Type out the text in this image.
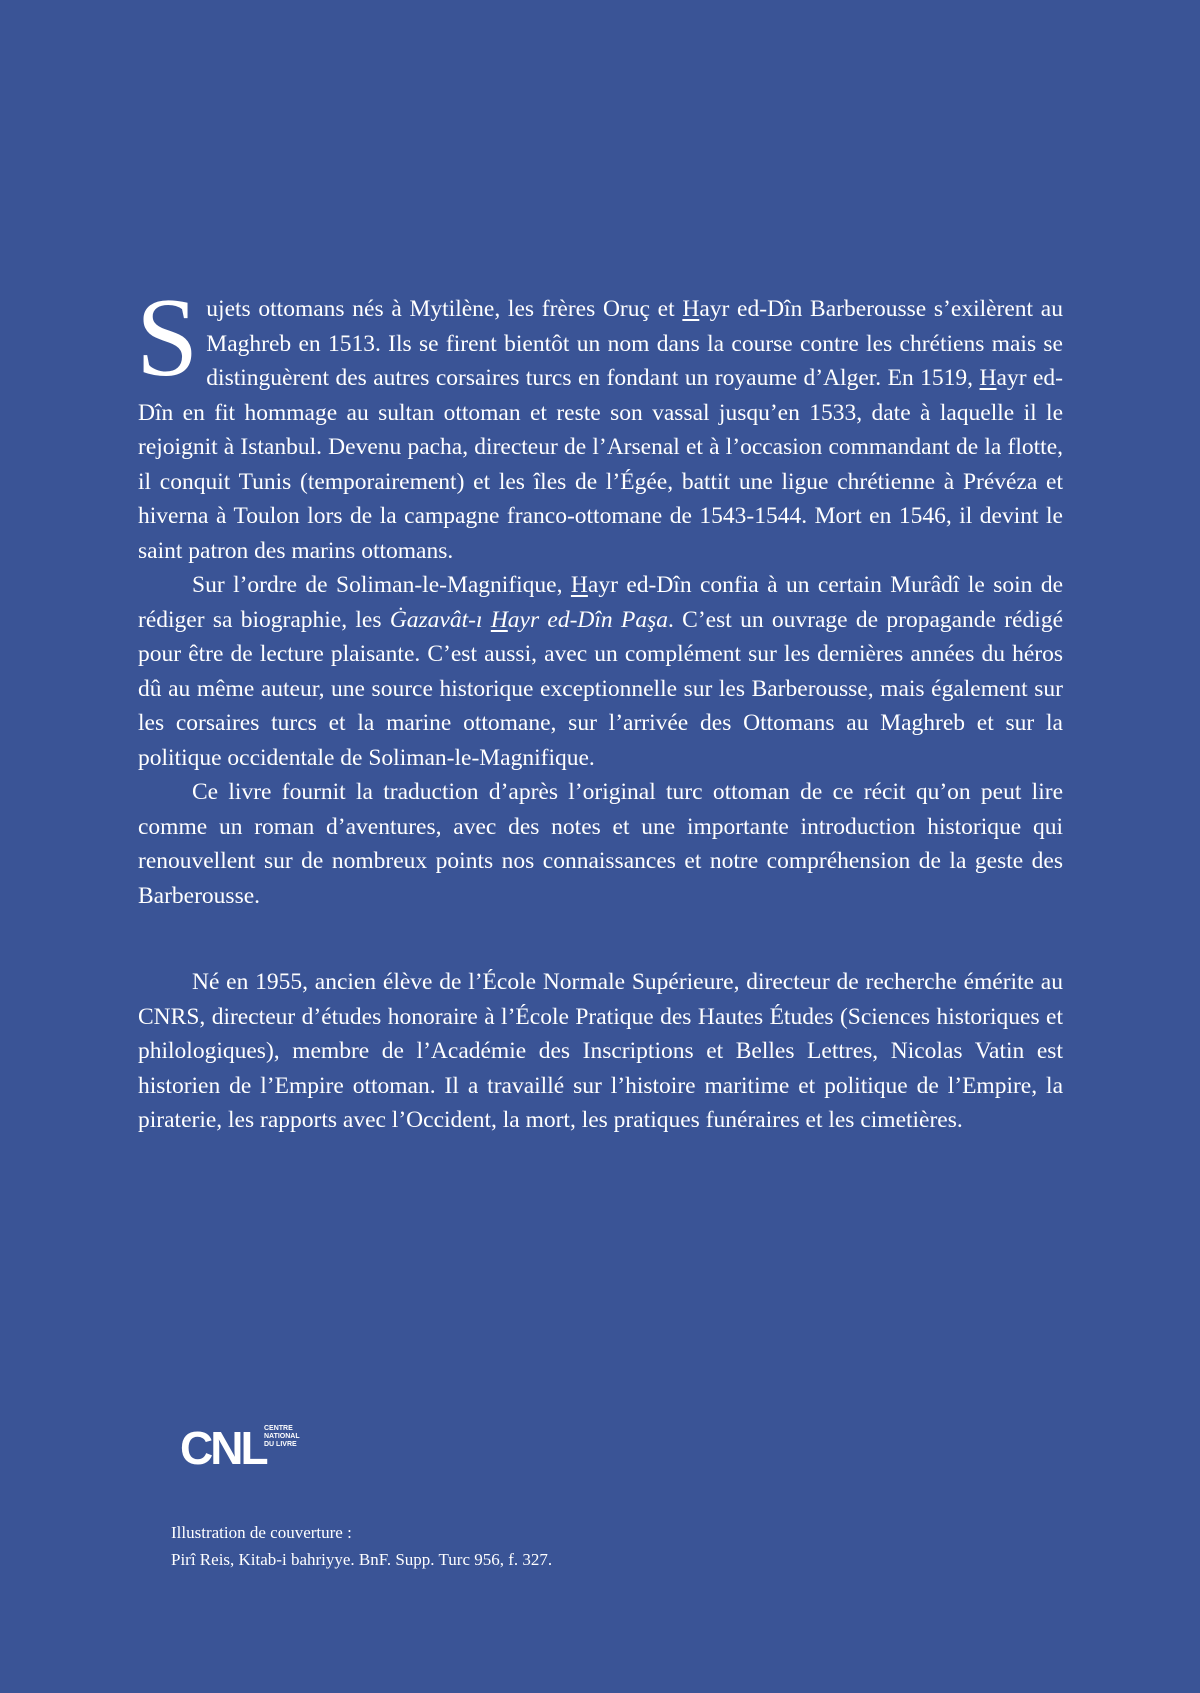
Sujets ottomans nés à Mytilène, les frères Oruç et Hayr ed-Dîn Barberousse s’exilèrent au Maghreb en 1513. Ils se firent bientôt un nom dans la course contre les chrétiens mais se distinguèrent des autres corsaires turcs en fondant un royaume d’Alger. En 1519, Hayr ed-Dîn en fit hommage au sultan ottoman et reste son vassal jusqu’en 1533, date à laquelle il le rejoignit à Istanbul. Devenu pacha, directeur de l’Arsenal et à l’occasion commandant de la flotte, il conquit Tunis (temporairement) et les îles de l’Égée, battit une ligue chrétienne à Prévéza et hiverna à Toulon lors de la campagne franco-ottomane de 1543-1544. Mort en 1546, il devint le saint patron des marins ottomans.

Sur l’ordre de Soliman-le-Magnifique, Hayr ed-Dîn confia à un certain Murâdî le soin de rédiger sa biographie, les Ġazavât-ı Hayr ed-Dîn Paşa. C’est un ouvrage de propagande rédigé pour être de lecture plaisante. C’est aussi, avec un complément sur les dernières années du héros dû au même auteur, une source historique exceptionnelle sur les Barberousse, mais également sur les corsaires turcs et la marine ottomane, sur l’arrivée des Ottomans au Maghreb et sur la politique occidentale de Soliman-le-Magnifique.

Ce livre fournit la traduction d’après l’original turc ottoman de ce récit qu’on peut lire comme un roman d’aventures, avec des notes et une importante introduction historique qui renouvellent sur de nombreux points nos connaissances et notre compréhension de la geste des Barberousse.

Né en 1955, ancien élève de l’École Normale Supérieure, directeur de recherche émérite au CNRS, directeur d’études honoraire à l’École Pratique des Hautes Études (Sciences historiques et philologiques), membre de l’Académie des Inscriptions et Belles Lettres, Nicolas Vatin est historien de l’Empire ottoman. Il a travaillé sur l’histoire maritime et politique de l’Empire, la piraterie, les rapports avec l’Occident, la mort, les pratiques funéraires et les cimetières.

CNL
CENTRE
NATIONAL
DU LIVRE
Illustration de couverture :
Pirî Reis, Kitab-i bahriyye. BnF. Supp. Turc 956, f. 327.
